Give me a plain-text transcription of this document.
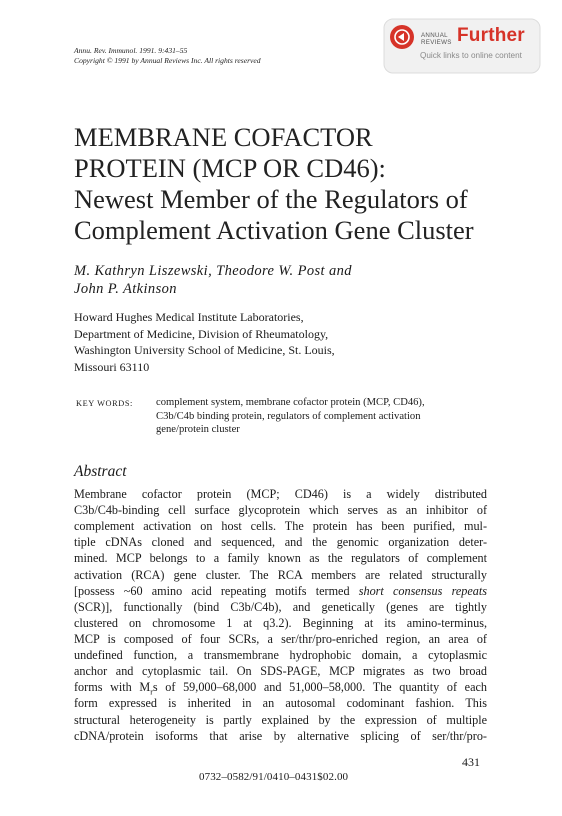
Annu. Rev. Immunol. 1991. 9:431–55
Copyright © 1991 by Annual Reviews Inc. All rights reserved
ANNUAL
REVIEWS Further
Quick links to online content
MEMBRANE COFACTOR
PROTEIN (MCP OR CD46):
Newest Member of the Regulators of
Complement Activation Gene Cluster
M. Kathryn Liszewski, Theodore W. Post and
John P. Atkinson
Howard Hughes Medical Institute Laboratories,
Department of Medicine, Division of Rheumatology,
Washington University School of Medicine, St. Louis,
Missouri 63110
KEY WORDS: complement system, membrane cofactor protein (MCP, CD46),
C3b/C4b binding protein, regulators of complement activation
gene/protein cluster
Abstract
Membrane cofactor protein (MCP; CD46) is a widely distributed
C3b/C4b-binding cell surface glycoprotein which serves as an inhibitor of
complement activation on host cells. The protein has been purified, mul-
tiple cDNAs cloned and sequenced, and the genomic organization deter-
mined. MCP belongs to a family known as the regulators of complement
activation (RCA) gene cluster. The RCA members are related structurally
[possess ~60 amino acid repeating motifs termed short consensus repeats
(SCR)], functionally (bind C3b/C4b), and genetically (genes are tightly
clustered on chromosome 1 at q3.2). Beginning at its amino-terminus,
MCP is composed of four SCRs, a ser/thr/pro-enriched region, an area of
undefined function, a transmembrane hydrophobic domain, a cytoplasmic
anchor and cytoplasmic tail. On SDS-PAGE, MCP migrates as two broad
forms with $M_rs$ of 59,000–68,000 and 51,000–58,000. The quantity of each
form expressed is inherited in an autosomal codominant fashion. This
structural heterogeneity is partly explained by the expression of multiple
cDNA/protein isoforms that arise by alternative splicing of ser/thr/pro-
431
0732–0582/91/0410–0431$02.00
